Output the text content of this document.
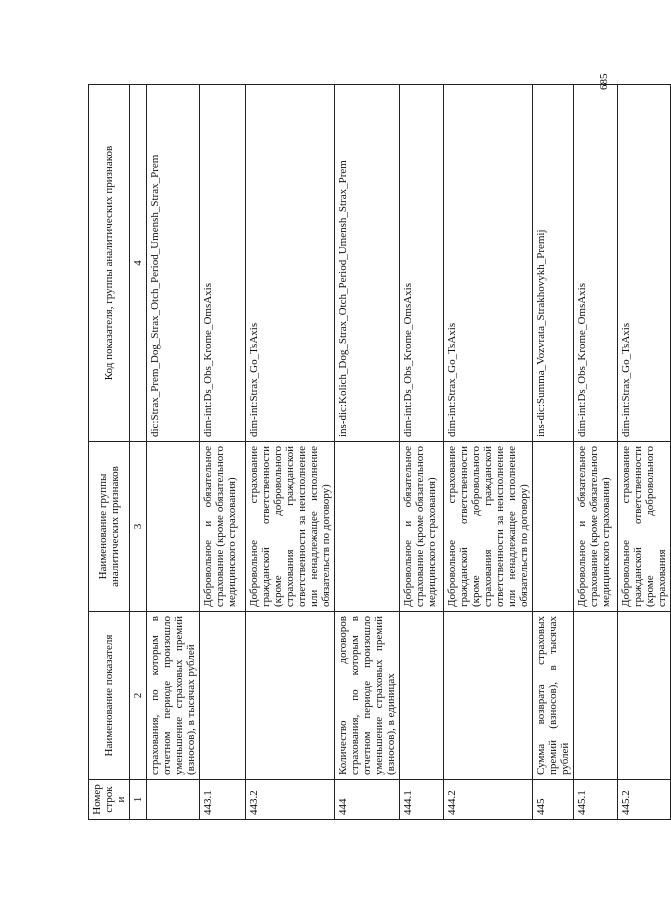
Номер строки	Наименование показателя	Наименование группы аналитических признаков	Код показателя, группы аналитических признаков
1	2	3	4
	страхования, по которым в отчетном периоде произошло уменьшение страховых премий (взносов), в тысячах рублей		dic:Strax_Prem_Dog_Strax_Otch_Period_Umensh_Strax_Prem
443.1		Добровольное и обязательное страхование (кроме обязательного медицинского страхования)	dim-int:Ds_Obs_Krome_OmsAxis
443.2		Добровольное страхование гражданской ответственности (кроме добровольного страхования гражданской ответственности за неисполнение или ненадлежащее исполнение обязательств по договору)	dim-int:Strax_Go_TsAxis
444	Количество договоров страхования, по которым в отчетном периоде произошло уменьшение страховых премий (взносов), в единицах		ins-dic:Kolich_Dog_Strax_Otch_Period_Umensh_Strax_Prem
444.1		Добровольное и обязательное страхование (кроме обязательного медицинского страхования)	dim-int:Ds_Obs_Krome_OmsAxis
444.2		Добровольное страхование гражданской ответственности (кроме добровольного страхования гражданской ответственности за неисполнение или ненадлежащее исполнение обязательств по договору)	dim-int:Strax_Go_TsAxis
445	Сумма возврата страховых премий (взносов), в тысячах рублей		ins-dic:Summa_Vozvrata_Strakhovykh_Premij
445.1		Добровольное и обязательное страхование (кроме обязательного медицинского страхования)	dim-int:Ds_Obs_Krome_OmsAxis
445.2		Добровольное страхование гражданской ответственности (кроме добровольного страхования	dim-int:Strax_Go_TsAxis
685
